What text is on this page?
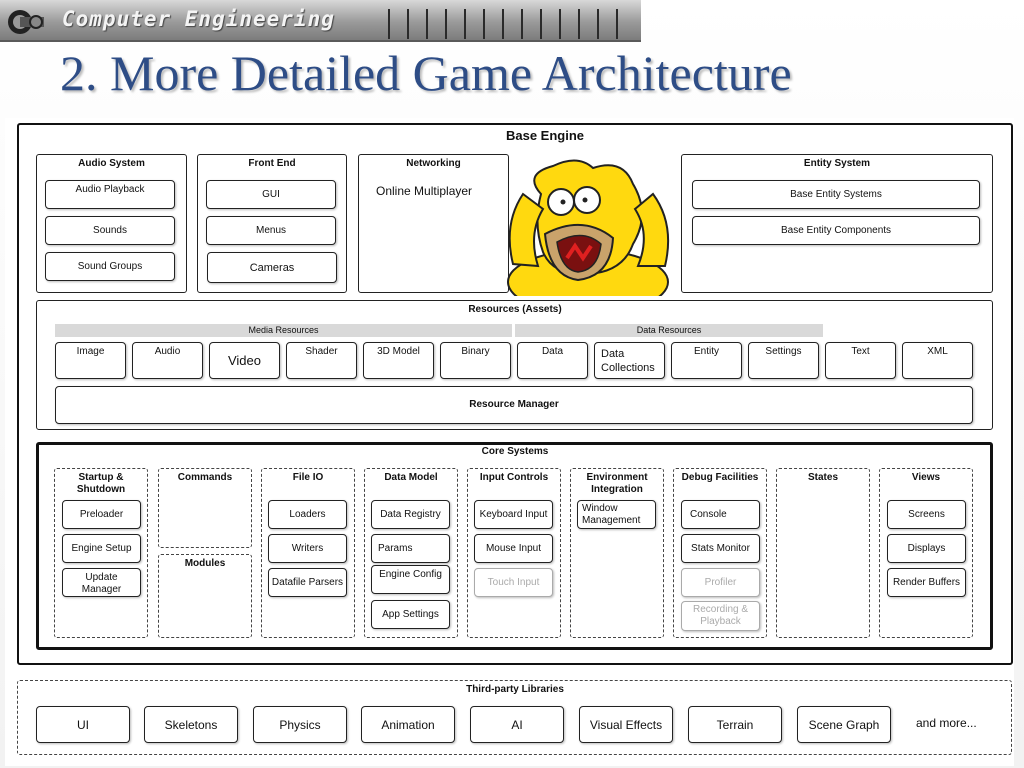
Computer Engineering
2. More Detailed Game Architecture
Base Engine
Audio System
Audio Playback
Sounds
Sound Groups
Front End
GUI
Menus
Cameras
Networking
Online Multiplayer
Entity System
Base Entity Systems
Base Entity Components
Resources (Assets)
Media Resources	Data Resources
Image	Audio
Video
Shader	3D Model	Binary	Data	Data Collections
Entity	Settings	Text	XML
Resource Manager
Core Systems
Startup & Shutdown
Preloader
Engine Setup
Update Manager
Commands
Modules
File IO
Loaders
Writers
Datafile Parsers
Data Model
Data Registry
Params
Engine Config
App Settings
Input Controls
Keyboard Input
Mouse Input
Touch Input
Environment Integration
Window Management
Debug Facilities
Console
Stats Monitor
Profiler
Recording & Playback
States	Views
Screens
Displays
Render Buffers
Third-party Libraries
UI	Skeletons	Physics	Animation	AI	Visual Effects	Terrain	Scene Graph	and more...
